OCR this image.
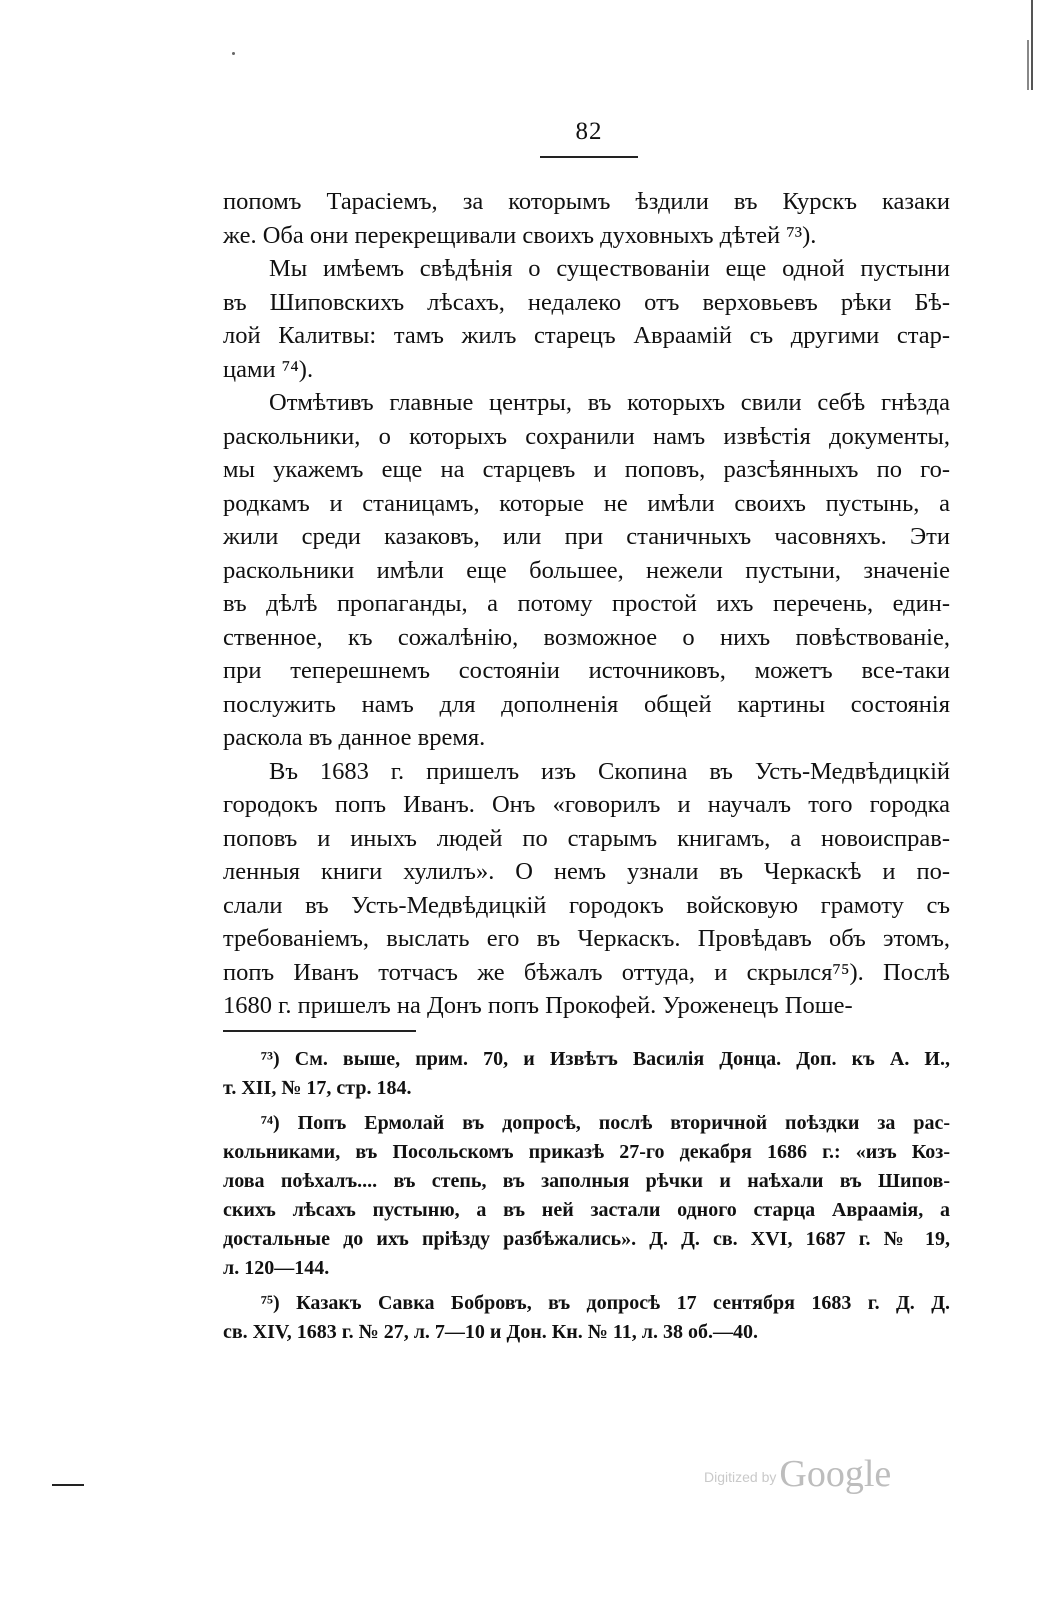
82
попомъ Тарасіемъ, за которымъ ѣздили въ Курскъ казаки
же. Оба они перекрещивали своихъ духовныхъ дѣтей ⁷³).
Мы имѣемъ свѣдѣнія о существованіи еще одной пустыни
въ Шиповскихъ лѣсахъ, недалеко отъ верховьевъ рѣки Бѣ-
лой Калитвы: тамъ жилъ старецъ Авраамій съ другими стар-
цами ⁷⁴).
Отмѣтивъ главные центры, въ которыхъ свили себѣ гнѣзда
раскольники, о которыхъ сохранили намъ извѣстія документы,
мы укажемъ еще на старцевъ и поповъ, разсѣянныхъ по го-
родкамъ и станицамъ, которые не имѣли своихъ пустынь, а
жили среди казаковъ, или при станичныхъ часовняхъ. Эти
раскольники имѣли еще большее, нежели пустыни, значеніе
въ дѣлѣ пропаганды, а потому простой ихъ перечень, един-
ственное, къ сожалѣнію, возможное о нихъ повѣствованіе,
при теперешнемъ состояніи источниковъ, можетъ все-таки
послужить намъ для дополненія общей картины состоянія
раскола въ данное время.
Въ 1683 г. пришелъ изъ Скопина въ Усть-Медвѣдицкій
городокъ попъ Иванъ. Онъ «говорилъ и научалъ того городка
поповъ и иныхъ людей по старымъ книгамъ, а новоисправ-
ленныя книги хулилъ». О немъ узнали въ Черкаскѣ и по-
слали въ Усть-Медвѣдицкій городокъ войсковую грамоту съ
требованіемъ, выслать его въ Черкаскъ. Провѣдавъ объ этомъ,
попъ Иванъ тотчасъ же бѣжалъ оттуда, и скрылся⁷⁵). Послѣ
1680 г. пришелъ на Донъ попъ Прокофей. Уроженецъ Поше-
⁷³) См. выше, прим. 70, и Извѣтъ Василія Донца. Доп. къ А. И.,
т. XII, № 17, стр. 184.
⁷⁴) Попъ Ермолай въ допросѣ, послѣ вторичной поѣздки за рас-
кольниками, въ Посольскомъ приказѣ 27-го декабря 1686 г.: «изъ Коз-
лова поѣхалъ.... въ степь, въ заполныя рѣчки и наѣхали въ Шипов-
скихъ лѣсахъ пустыню, а въ ней застали одного старца Авраамія, а
достальные до ихъ пріѣзду разбѣжались». Д. Д. св. XVI, 1687 г. № 19,
л. 120—144.
⁷⁵) Казакъ Савка Бобровъ, въ допросѣ 17 сентября 1683 г. Д. Д.
св. XIV, 1683 г. № 27, л. 7—10 и Дон. Кн. № 11, л. 38 об.—40.
Digitized byGoogle
